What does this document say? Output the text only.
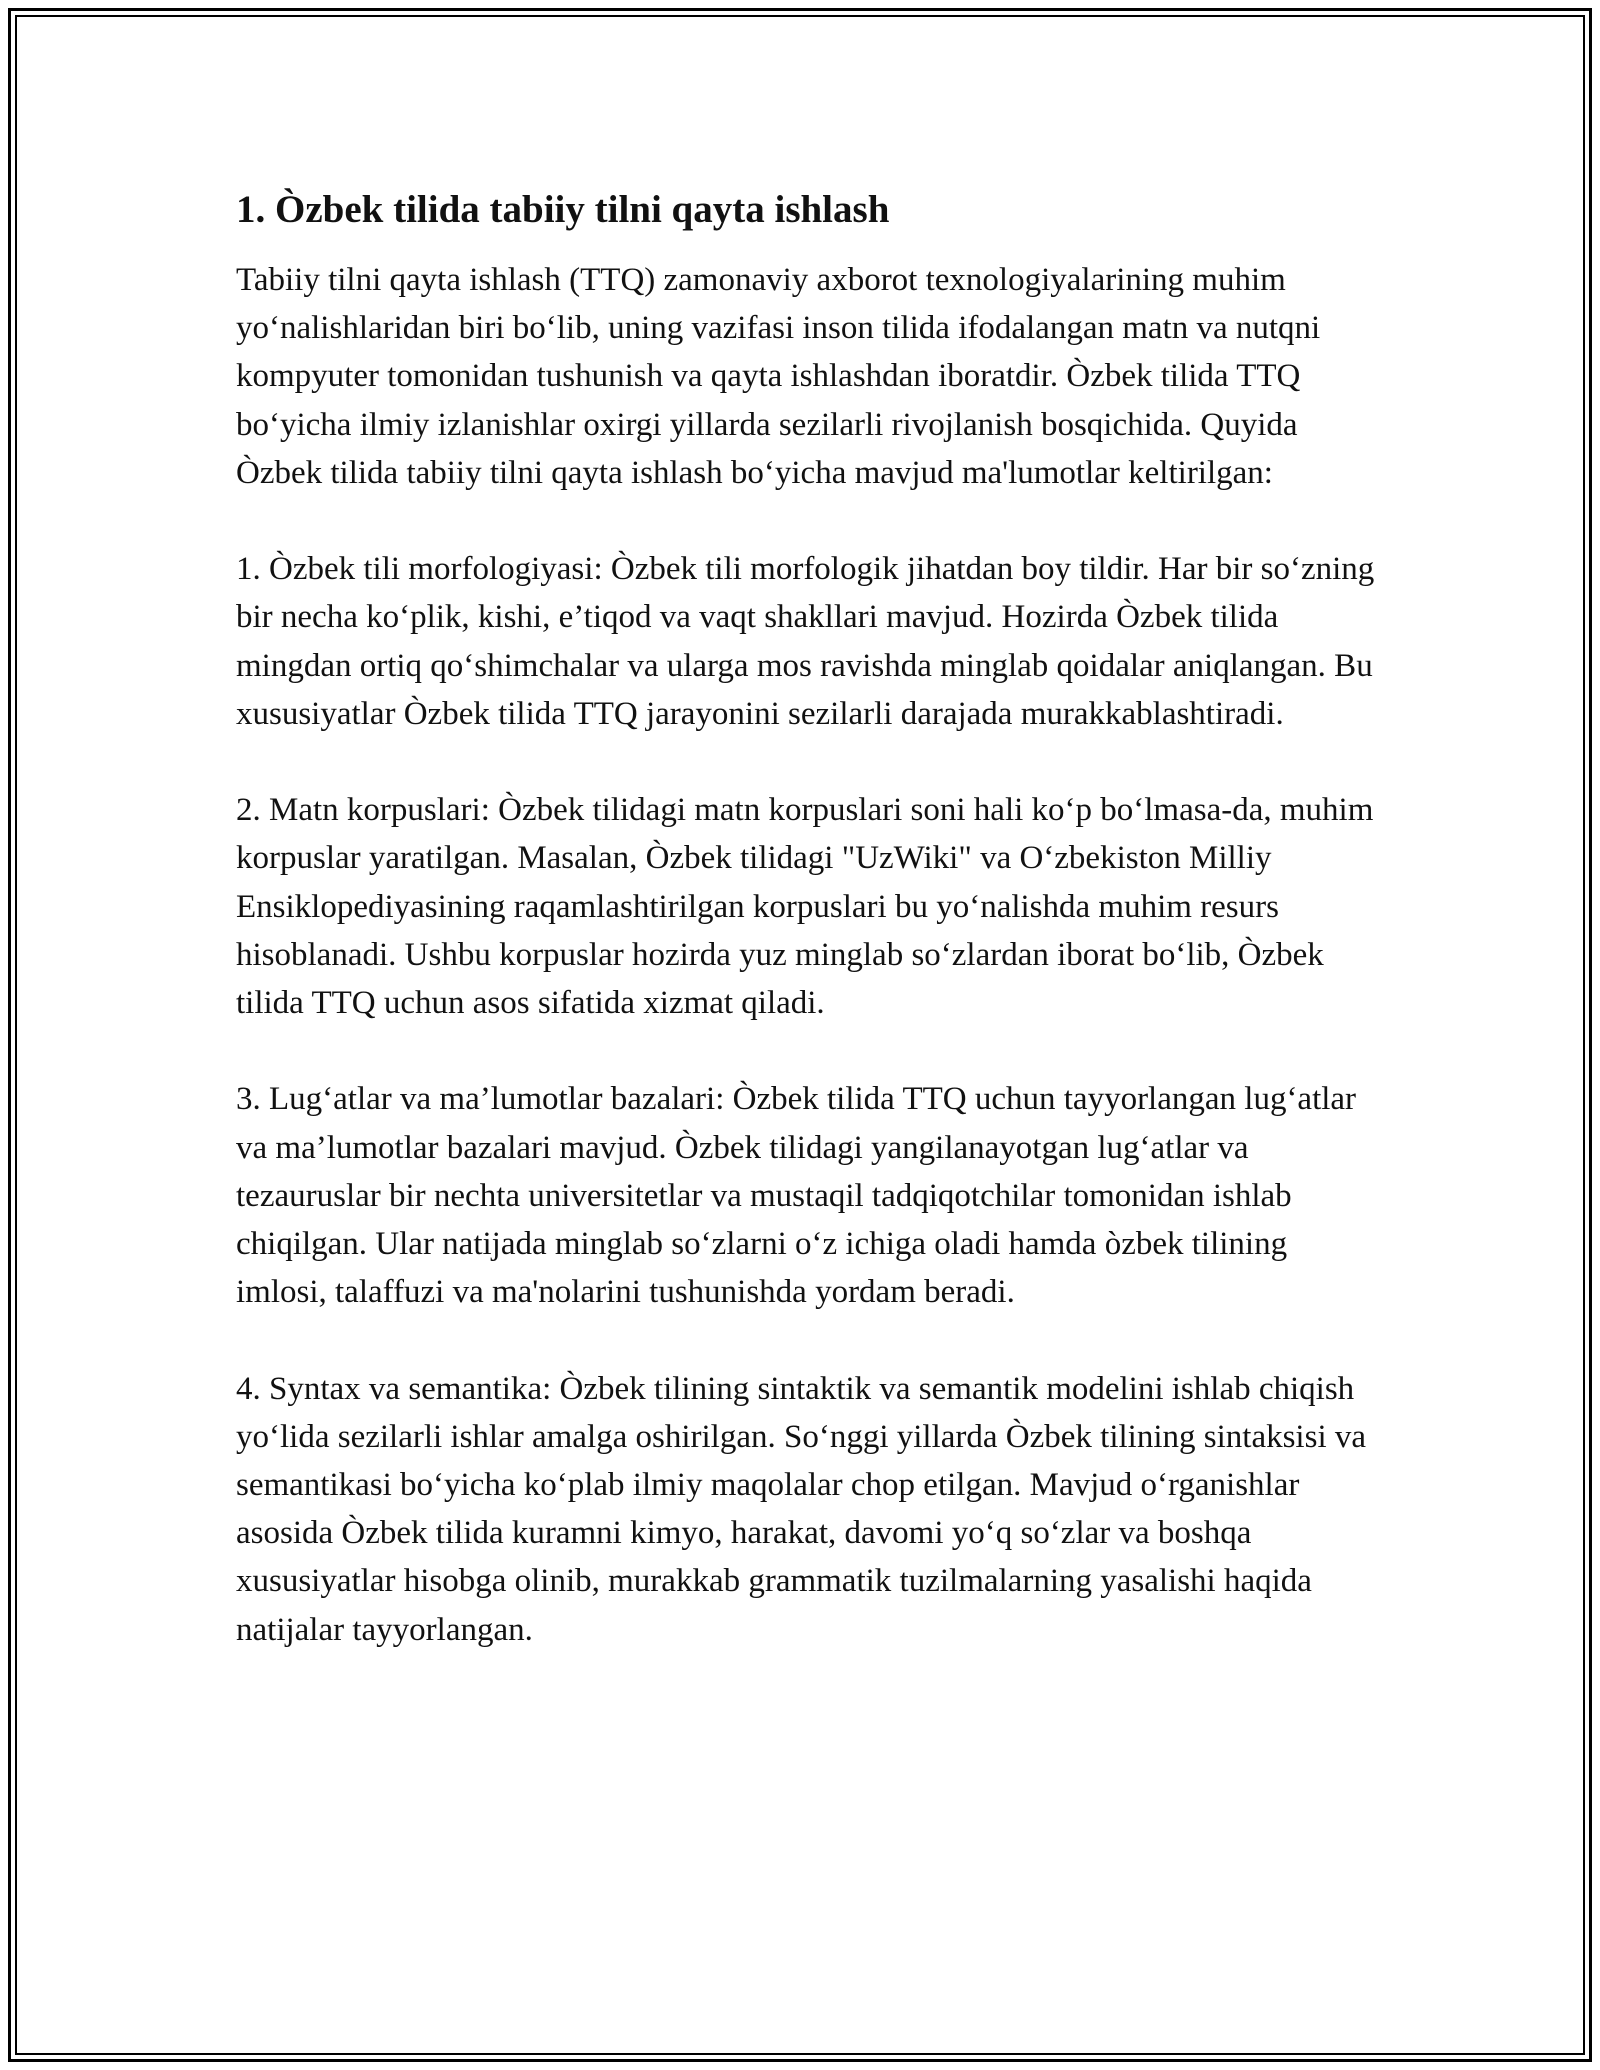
1. Òzbek tilida tabiiy tilni qayta ishlash

Tabiiy tilni qayta ishlash (TTQ) zamonaviy axborot texnologiyalarining muhim yo‘nalishlaridan biri bo‘lib, uning vazifasi inson tilida ifodalangan matn va nutqni kompyuter tomonidan tushunish va qayta ishlashdan iboratdir. Òzbek tilida TTQ bo‘yicha ilmiy izlanishlar oxirgi yillarda sezilarli rivojlanish bosqichida. Quyida Òzbek tilida tabiiy tilni qayta ishlash bo‘yicha mavjud ma'lumotlar keltirilgan:

1. Òzbek tili morfologiyasi: Òzbek tili morfologik jihatdan boy tildir. Har bir so‘zning bir necha ko‘plik, kishi, e’tiqod va vaqt shakllari mavjud. Hozirda Òzbek tilida mingdan ortiq qo‘shimchalar va ularga mos ravishda minglab qoidalar aniqlangan. Bu xususiyatlar Òzbek tilida TTQ jarayonini sezilarli darajada murakkablashtiradi.

2. Matn korpuslari: Òzbek tilidagi matn korpuslari soni hali ko‘p bo‘lmasa-da, muhim korpuslar yaratilgan. Masalan, Òzbek tilidagi "UzWiki" va O‘zbekiston Milliy Ensiklopediyasining raqamlashtirilgan korpuslari bu yo‘nalishda muhim resurs hisoblanadi. Ushbu korpuslar hozirda yuz minglab so‘zlardan iborat bo‘lib, Òzbek tilida TTQ uchun asos sifatida xizmat qiladi.

3. Lug‘atlar va ma’lumotlar bazalari: Òzbek tilida TTQ uchun tayyorlangan lug‘atlar va ma’lumotlar bazalari mavjud. Òzbek tilidagi yangilanayotgan lug‘atlar va tezauruslar bir nechta universitetlar va mustaqil tadqiqotchilar tomonidan ishlab chiqilgan. Ular natijada minglab so‘zlarni o‘z ichiga oladi hamda òzbek tilining imlosi, talaffuzi va ma'nolarini tushunishda yordam beradi.

4. Syntax va semantika: Òzbek tilining sintaktik va semantik modelini ishlab chiqish yo‘lida sezilarli ishlar amalga oshirilgan. So‘nggi yillarda Òzbek tilining sintaksisi va semantikasi bo‘yicha ko‘plab ilmiy maqolalar chop etilgan. Mavjud o‘rganishlar asosida Òzbek tilida kuramni kimyo, harakat, davomi yo‘q so‘zlar va boshqa xususiyatlar hisobga olinib, murakkab grammatik tuzilmalarning yasalishi haqida natijalar tayyorlangan.
